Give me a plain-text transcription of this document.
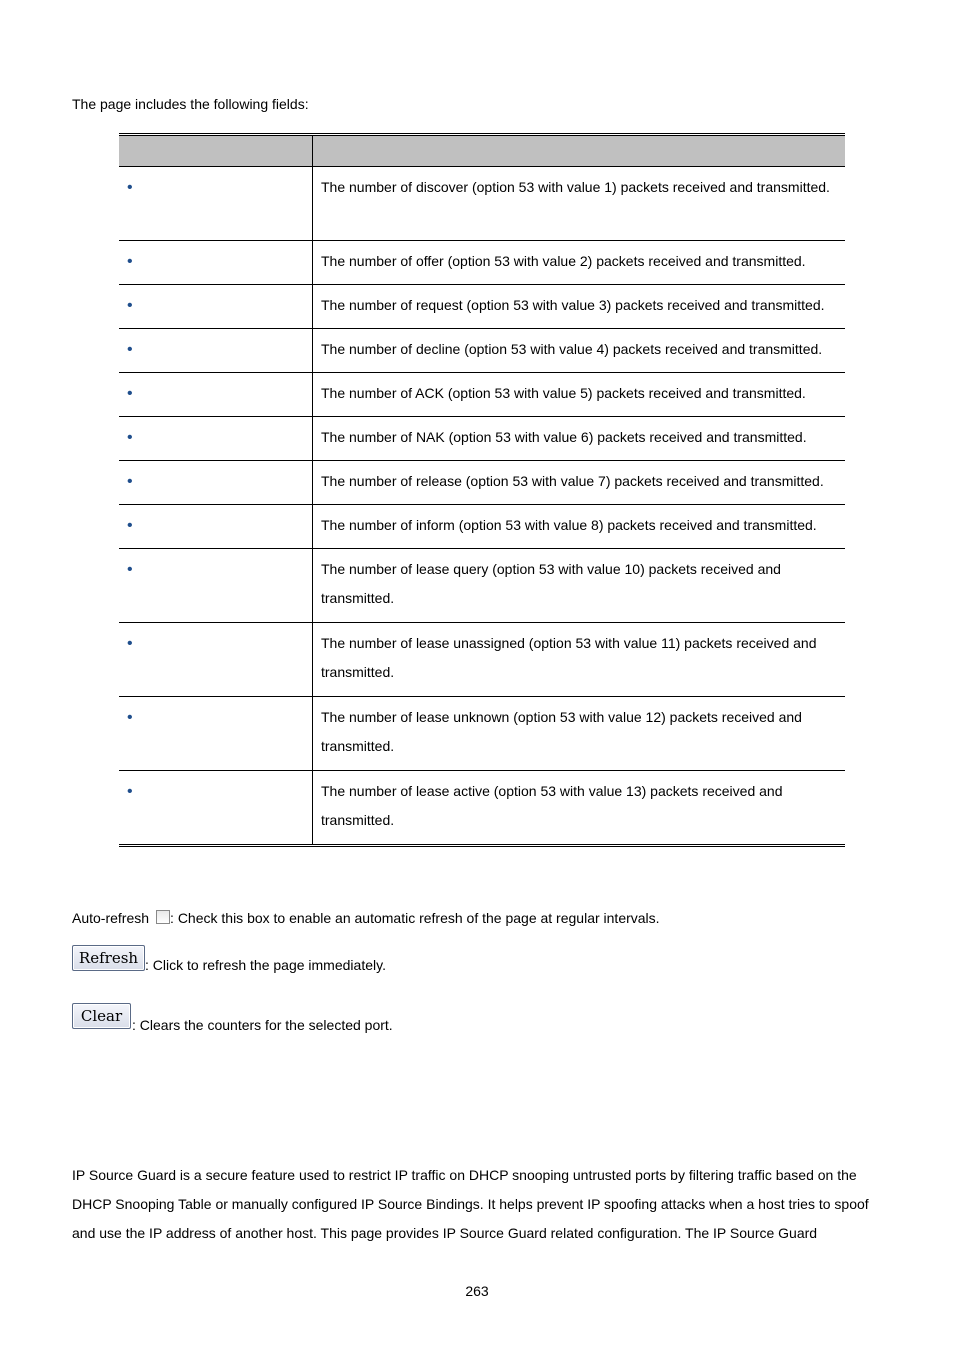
The page includes the following fields:

•	The number of discover (option 53 with value 1) packets received and transmitted.
•	The number of offer (option 53 with value 2) packets received and transmitted.
•	The number of request (option 53 with value 3) packets received and transmitted.
•	The number of decline (option 53 with value 4) packets received and transmitted.
•	The number of ACK (option 53 with value 5) packets received and transmitted.
•	The number of NAK (option 53 with value 6) packets received and transmitted.
•	The number of release (option 53 with value 7) packets received and transmitted.
•	The number of inform (option 53 with value 8) packets received and transmitted.
•	The number of lease query (option 53 with value 10) packets received and transmitted.
•	The number of lease unassigned (option 53 with value 11) packets received and transmitted.
•	The number of lease unknown (option 53 with value 12) packets received and transmitted.
•	The number of lease active (option 53 with value 13) packets received and transmitted.

Auto-refresh : Check this box to enable an automatic refresh of the page at regular intervals.

Refresh : Click to refresh the page immediately.

Clear : Clears the counters for the selected port.

IP Source Guard is a secure feature used to restrict IP traffic on DHCP snooping untrusted ports by filtering traffic based on the DHCP Snooping Table or manually configured IP Source Bindings. It helps prevent IP spoofing attacks when a host tries to spoof and use the IP address of another host. This page provides IP Source Guard related configuration. The IP Source Guard

263
